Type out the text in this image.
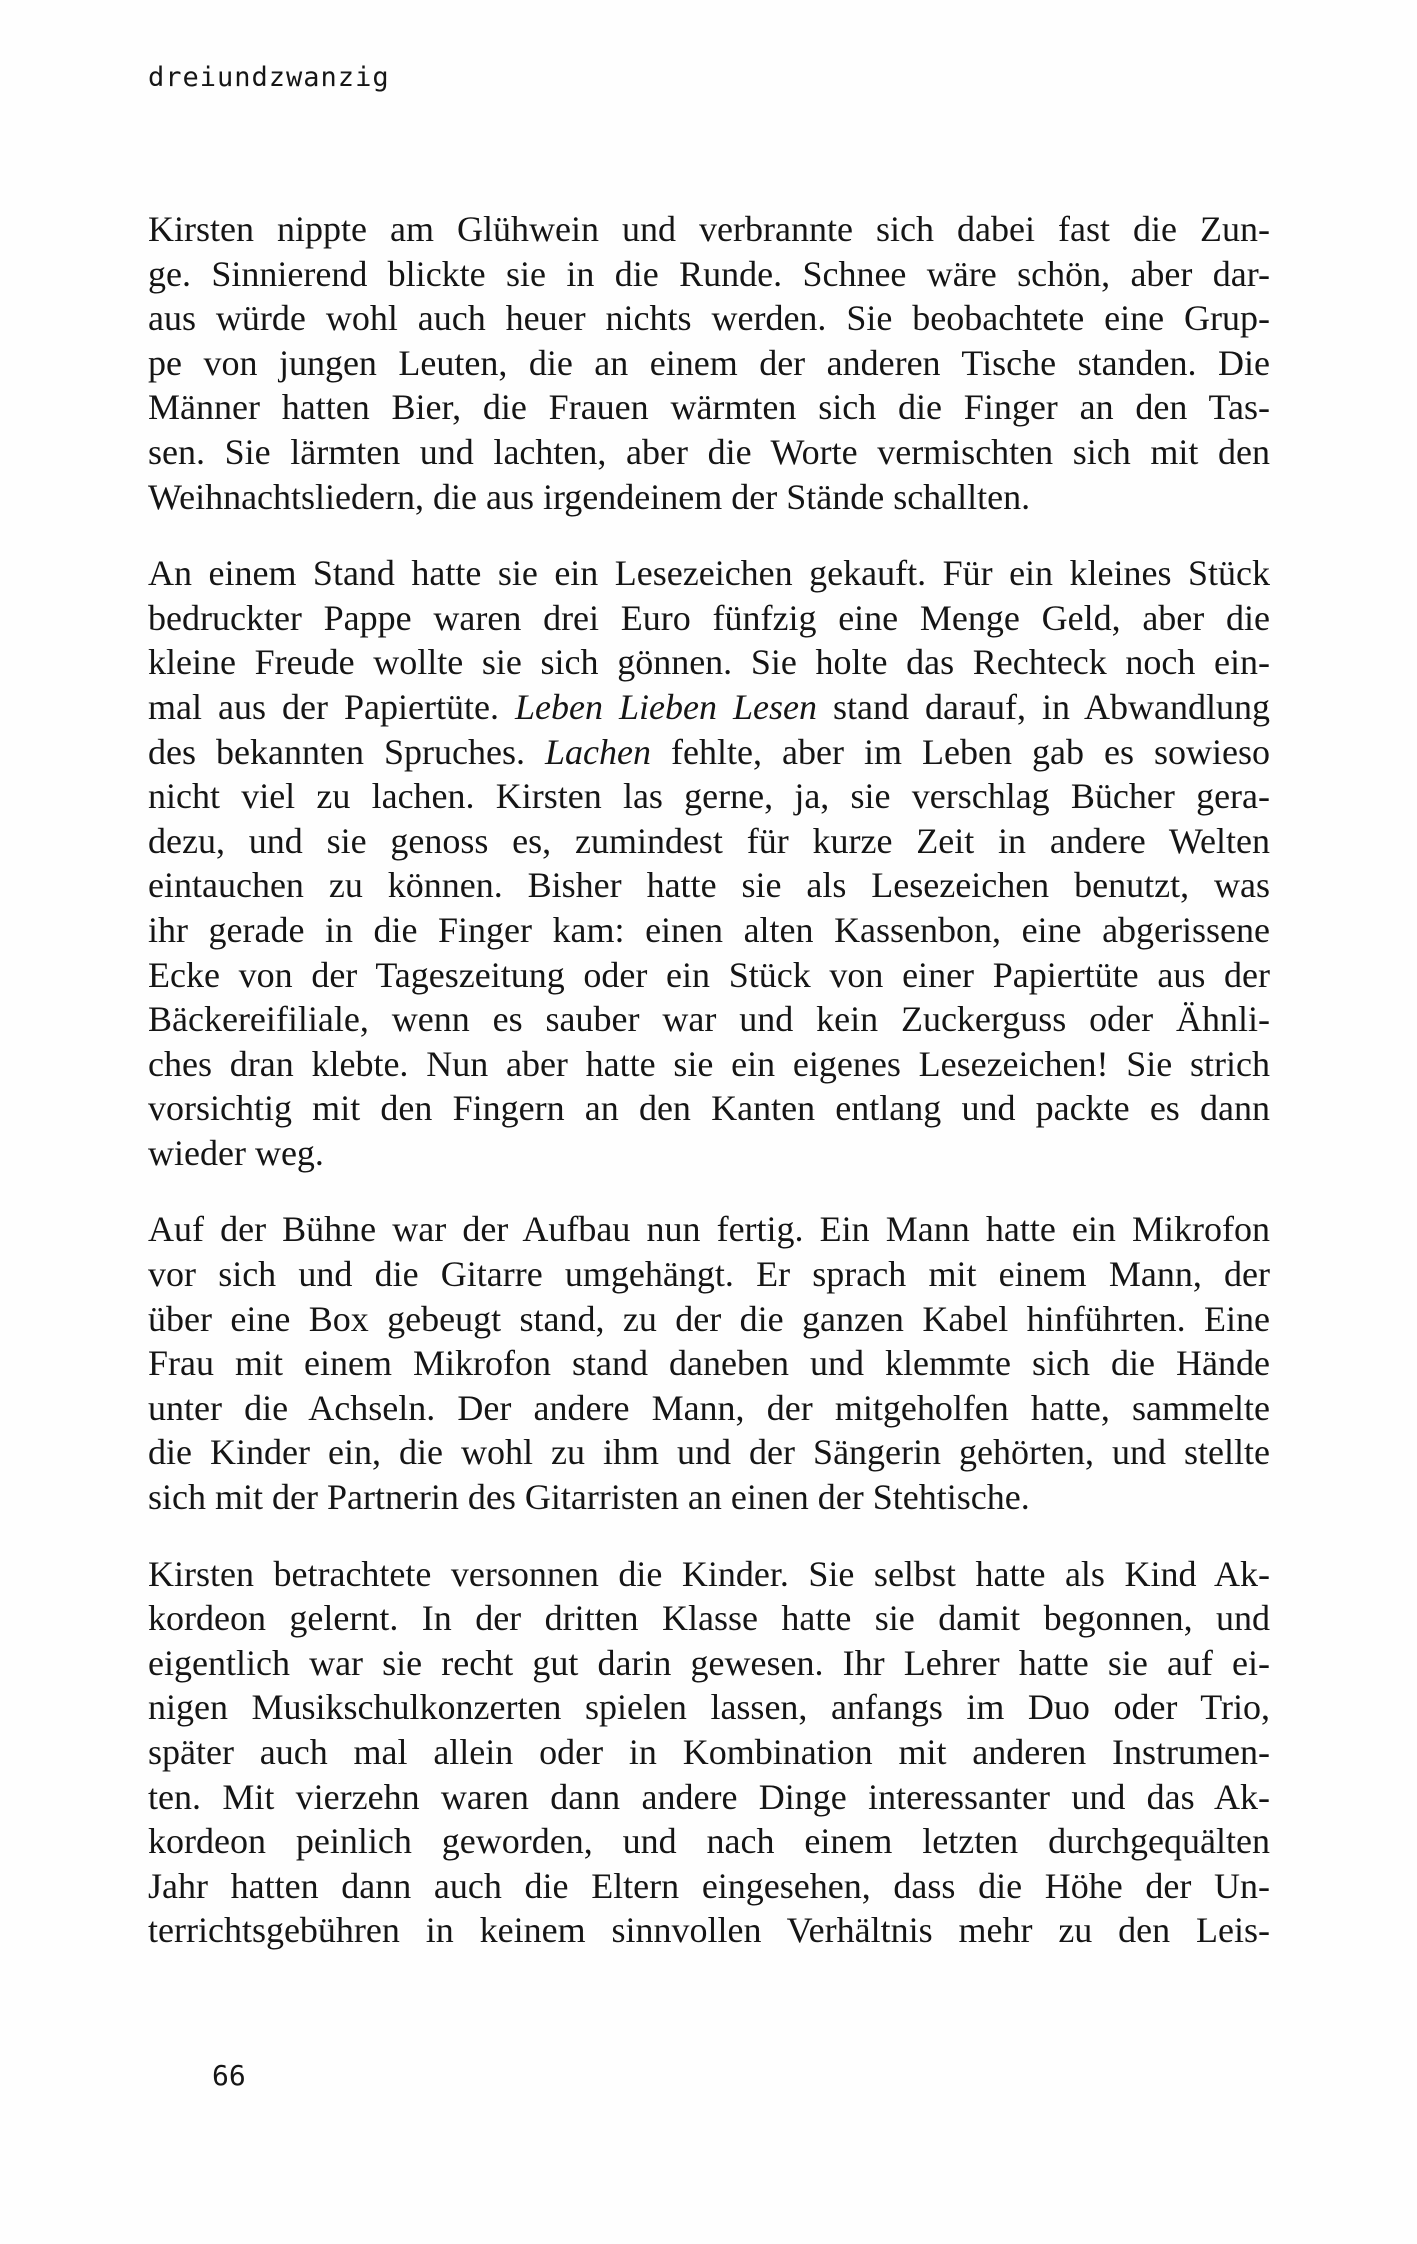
dreiundzwanzig

Kirsten nippte am Glühwein und verbrannte sich dabei fast die Zun-
ge. Sinnierend blickte sie in die Runde. Schnee wäre schön, aber dar-
aus würde wohl auch heuer nichts werden. Sie beobachtete eine Grup-
pe von jungen Leuten, die an einem der anderen Tische standen. Die
Männer hatten Bier, die Frauen wärmten sich die Finger an den Tas-
sen. Sie lärmten und lachten, aber die Worte vermischten sich mit den
Weihnachtsliedern, die aus irgendeinem der Stände schallten.

An einem Stand hatte sie ein Lesezeichen gekauft. Für ein kleines Stück
bedruckter Pappe waren drei Euro fünfzig eine Menge Geld, aber die
kleine Freude wollte sie sich gönnen. Sie holte das Rechteck noch ein-
mal aus der Papiertüte. Leben Lieben Lesen stand darauf, in Abwandlung
des bekannten Spruches. Lachen fehlte, aber im Leben gab es sowieso
nicht viel zu lachen. Kirsten las gerne, ja, sie verschlag Bücher gera-
dezu, und sie genoss es, zumindest für kurze Zeit in andere Welten
eintauchen zu können. Bisher hatte sie als Lesezeichen benutzt, was
ihr gerade in die Finger kam: einen alten Kassenbon, eine abgerissene
Ecke von der Tageszeitung oder ein Stück von einer Papiertüte aus der
Bäckereifiliale, wenn es sauber war und kein Zuckerguss oder Ähnli-
ches dran klebte. Nun aber hatte sie ein eigenes Lesezeichen! Sie strich
vorsichtig mit den Fingern an den Kanten entlang und packte es dann
wieder weg.

Auf der Bühne war der Aufbau nun fertig. Ein Mann hatte ein Mikrofon
vor sich und die Gitarre umgehängt. Er sprach mit einem Mann, der
über eine Box gebeugt stand, zu der die ganzen Kabel hinführten. Eine
Frau mit einem Mikrofon stand daneben und klemmte sich die Hände
unter die Achseln. Der andere Mann, der mitgeholfen hatte, sammelte
die Kinder ein, die wohl zu ihm und der Sängerin gehörten, und stellte
sich mit der Partnerin des Gitarristen an einen der Stehtische.

Kirsten betrachtete versonnen die Kinder. Sie selbst hatte als Kind Ak-
kordeon gelernt. In der dritten Klasse hatte sie damit begonnen, und
eigentlich war sie recht gut darin gewesen. Ihr Lehrer hatte sie auf ei-
nigen Musikschulkonzerten spielen lassen, anfangs im Duo oder Trio,
später auch mal allein oder in Kombination mit anderen Instrumen-
ten. Mit vierzehn waren dann andere Dinge interessanter und das Ak-
kordeon peinlich geworden, und nach einem letzten durchgequälten
Jahr hatten dann auch die Eltern eingesehen, dass die Höhe der Un-
terrichtsgebühren in keinem sinnvollen Verhältnis mehr zu den Leis-

66
